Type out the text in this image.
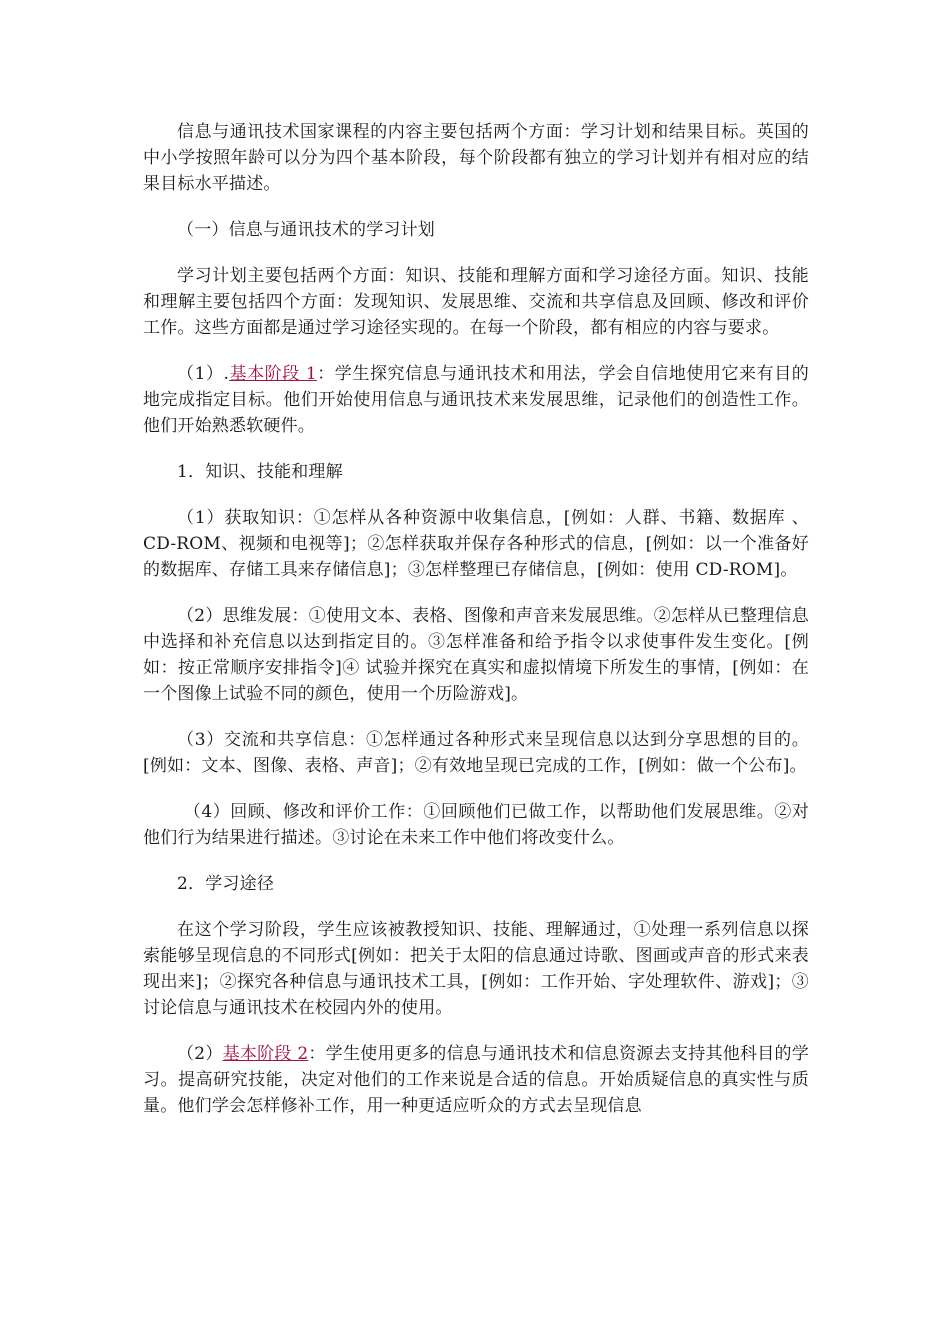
信息与通讯技术国家课程的内容主要包括两个方面：学习计划和结果目标。英国的中小学按照年龄可以分为四个基本阶段，每个阶段都有独立的学习计划并有相对应的结果目标水平描述。

（一）信息与通讯技术的学习计划

学习计划主要包括两个方面：知识、技能和理解方面和学习途径方面。知识、技能和理解主要包括四个方面：发现知识、发展思维、交流和共享信息及回顾、修改和评价工作。这些方面都是通过学习途径实现的。在每一个阶段，都有相应的内容与要求。

（1）.基本阶段 1：学生探究信息与通讯技术和用法，学会自信地使用它来有目的地完成指定目标。他们开始使用信息与通讯技术来发展思维，记录他们的创造性工作。他们开始熟悉软硬件。

1．知识、技能和理解

（1）获取知识：①怎样从各种资源中收集信息，[例如：人群、书籍、数据库 、CD-ROM、视频和电视等]；②怎样获取并保存各种形式的信息，[例如：以一个准备好的数据库、存储工具来存储信息]；③怎样整理已存储信息，[例如：使用 CD-ROM]。

（2）思维发展：①使用文本、表格、图像和声音来发展思维。②怎样从已整理信息中选择和补充信息以达到指定目的。③怎样准备和给予指令以求使事件发生变化。[例如：按正常顺序安排指令]④ 试验并探究在真实和虚拟情境下所发生的事情，[例如：在一个图像上试验不同的颜色，使用一个历险游戏]。

（3）交流和共享信息：①怎样通过各种形式来呈现信息以达到分享思想的目的。[例如：文本、图像、表格、声音]；②有效地呈现已完成的工作，[例如：做一个公布]。

（4）回顾、修改和评价工作：①回顾他们已做工作，以帮助他们发展思维。②对他们行为结果进行描述。③讨论在未来工作中他们将改变什么。

2．学习途径

在这个学习阶段，学生应该被教授知识、技能、理解通过，①处理一系列信息以探索能够呈现信息的不同形式[例如：把关于太阳的信息通过诗歌、图画或声音的形式来表现出来]；②探究各种信息与通讯技术工具，[例如：工作开始、字处理软件、游戏]；③讨论信息与通讯技术在校园内外的使用。

（2）基本阶段 2：学生使用更多的信息与通讯技术和信息资源去支持其他科目的学习。提高研究技能，决定对他们的工作来说是合适的信息。开始质疑信息的真实性与质量。他们学会怎样修补工作，用一种更适应听众的方式去呈现信息
